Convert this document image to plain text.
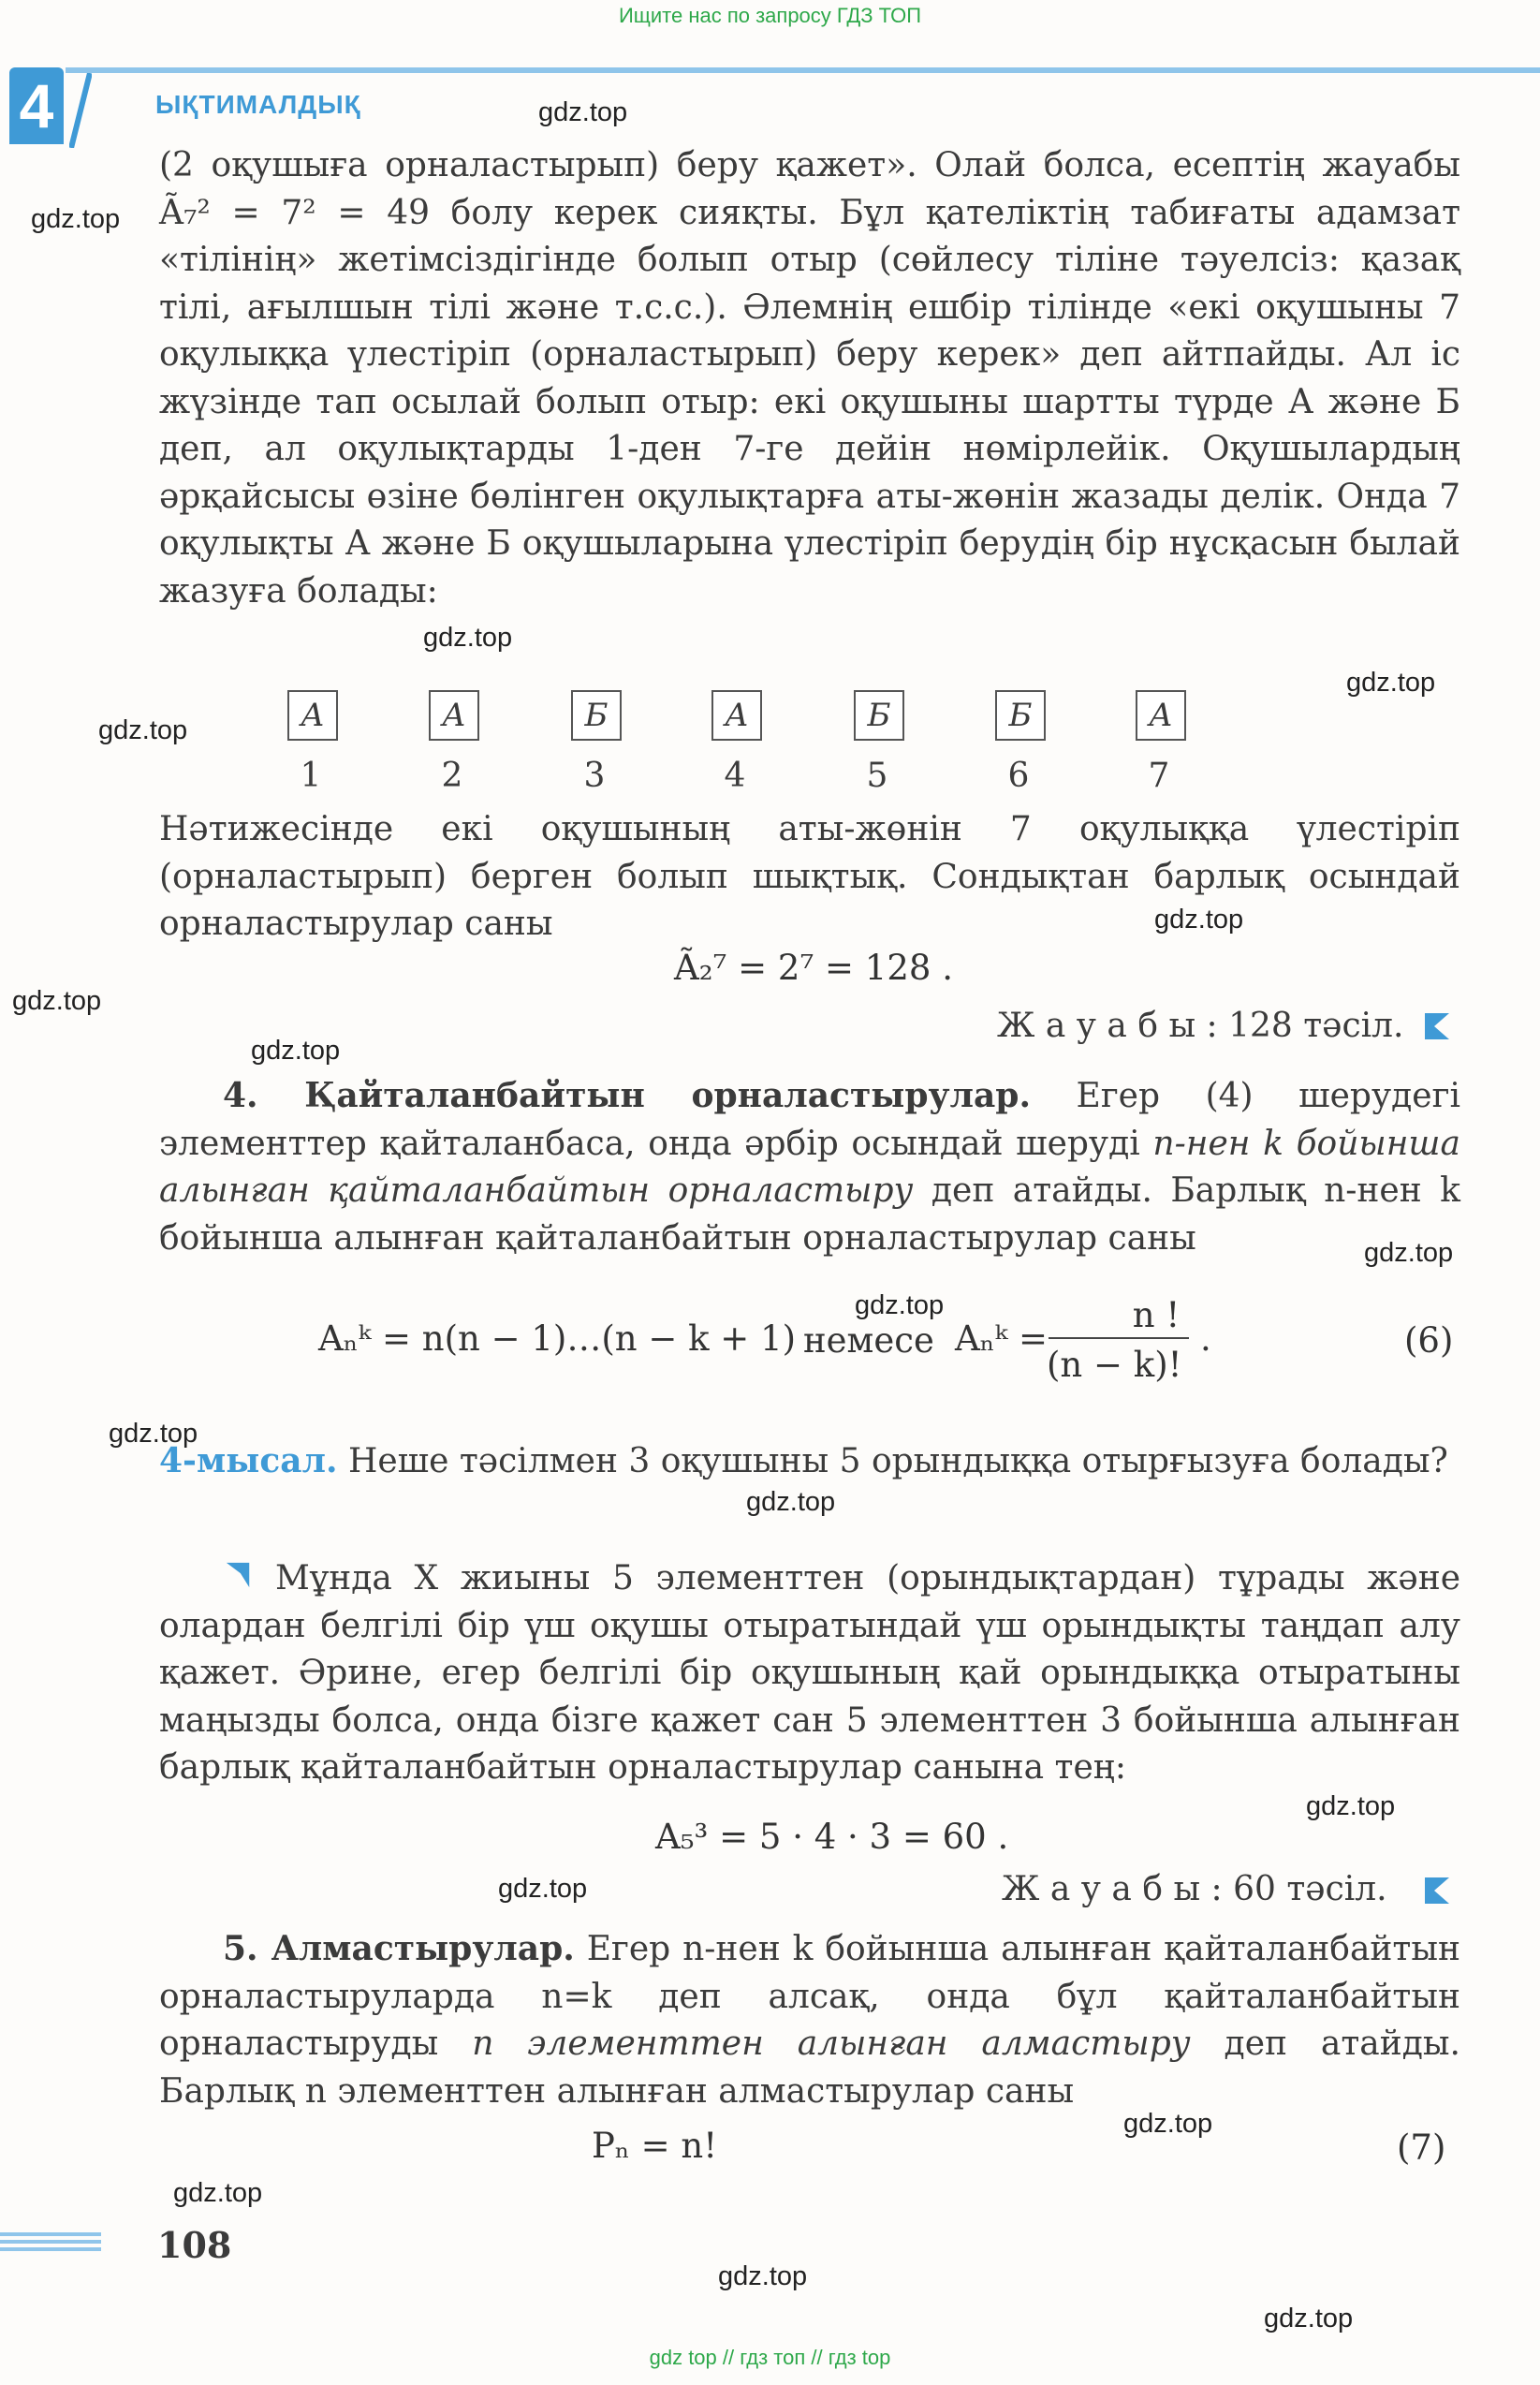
Ищите нас по запросу ГДЗ ТОП
4	ЫҚТИМАЛДЫҚ

(2 оқушыға орналастырып) беру қажет». Олай болса, есептің жауабы Ã₇² = 7² = 49 болу керек сияқты. Бұл қателіктің табиғаты адамзат «тілінің» жетімсіздігінде болып отыр (сөйлесу тіліне тәуелсіз: қазақ тілі, ағылшын тілі және т.с.с.). Әлемнің ешбір тілінде «екі оқушыны 7 оқулыққа үлестіріп (орналастырып) беру керек» деп айтпайды. Ал іс жүзінде тап осылай болып отыр: екі оқушыны шартты түрде А және Б деп, ал оқулықтарды 1-ден 7-ге дейін нөмірлейік. Оқушылардың әрқайсысы өзіне бөлінген оқулықтарға аты-жөнін жазады делік. Онда 7 оқулықты А және Б оқушыларына үлестіріп берудің бір нұсқасын былай жазуға болады:

А	А	Б	А	Б	Б	А
1	2	3	4	5	6	7

Нәтижесінде екі оқушының аты-жөнін 7 оқулыққа үлестіріп (орналастырып) берген болып шықтық. Сондықтан барлық осындай орналастырулар саны

Ã₂⁷ = 2⁷ = 128 .
Ж а у а б ы : 128 тәсіл.

4. Қайталанбайтын орналастырулар. Егер (4) шерудегі элементтер қайталанбаса, онда әрбір осындай шеруді n-нен k бойынша алынған қайталанбайтын орналастыру деп атайды. Барлық n-нен k бойынша алынған қайталанбайтын орналастырулар саны

Aₙᵏ = n(n − 1)…(n − k + 1) немесе Aₙᵏ =
n !
(n − k)!
.	(6)

4-мысал. Неше тәсілмен 3 оқушыны 5 орындыққа отырғызуға болады?

Мұнда X жиыны 5 элементтен (орындықтардан) тұрады және олардан белгілі бір үш оқушы отыратындай үш орындықты таңдап алу қажет. Әрине, егер белгілі бір оқушының қай орындыққа отыратыны маңызды болса, онда бізге қажет сан 5 элементтен 3 бойынша алынған барлық қайталанбайтын орналастырулар санына тең:

A₅³ = 5 · 4 · 3 = 60 .
Ж а у а б ы : 60 тәсіл.

5. Алмастырулар. Егер n-нен k бойынша алынған қайталанбайтын орналастыруларда n=k деп алсақ, онда бұл қайталанбайтын орналастыруды n элементтен алынған алмастыру деп атайды. Барлық n элементтен алынған алмастырулар саны

Pₙ = n!	(7)
108
gdz.top
gdz.top
gdz.top
gdz.top
gdz.top
gdz.top
gdz.top
gdz.top
gdz.top
gdz.top
gdz.top
gdz.top
gdz.top
gdz.top
gdz.top
gdz.top
gdz.top
gdz.top
gdz top // гдз топ // гдз top
